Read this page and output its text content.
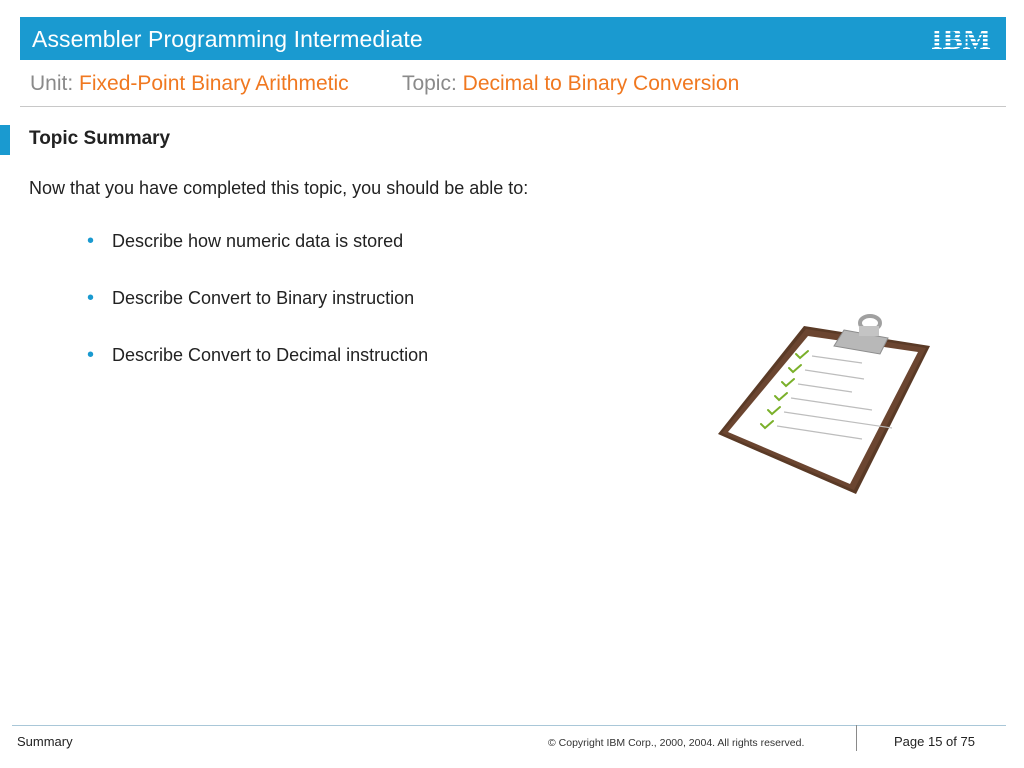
Assembler Programming Intermediate	IBM
Unit: Fixed-Point Binary Arithmetic	Topic: Decimal to Binary Conversion
Topic Summary
Now that you have completed this topic, you should be able to:
• Describe how numeric data is stored
• Describe Convert to Binary instruction
• Describe Convert to Decimal instruction
Summary	© Copyright IBM Corp., 2000, 2004. All rights reserved.	Page 15 of 75
